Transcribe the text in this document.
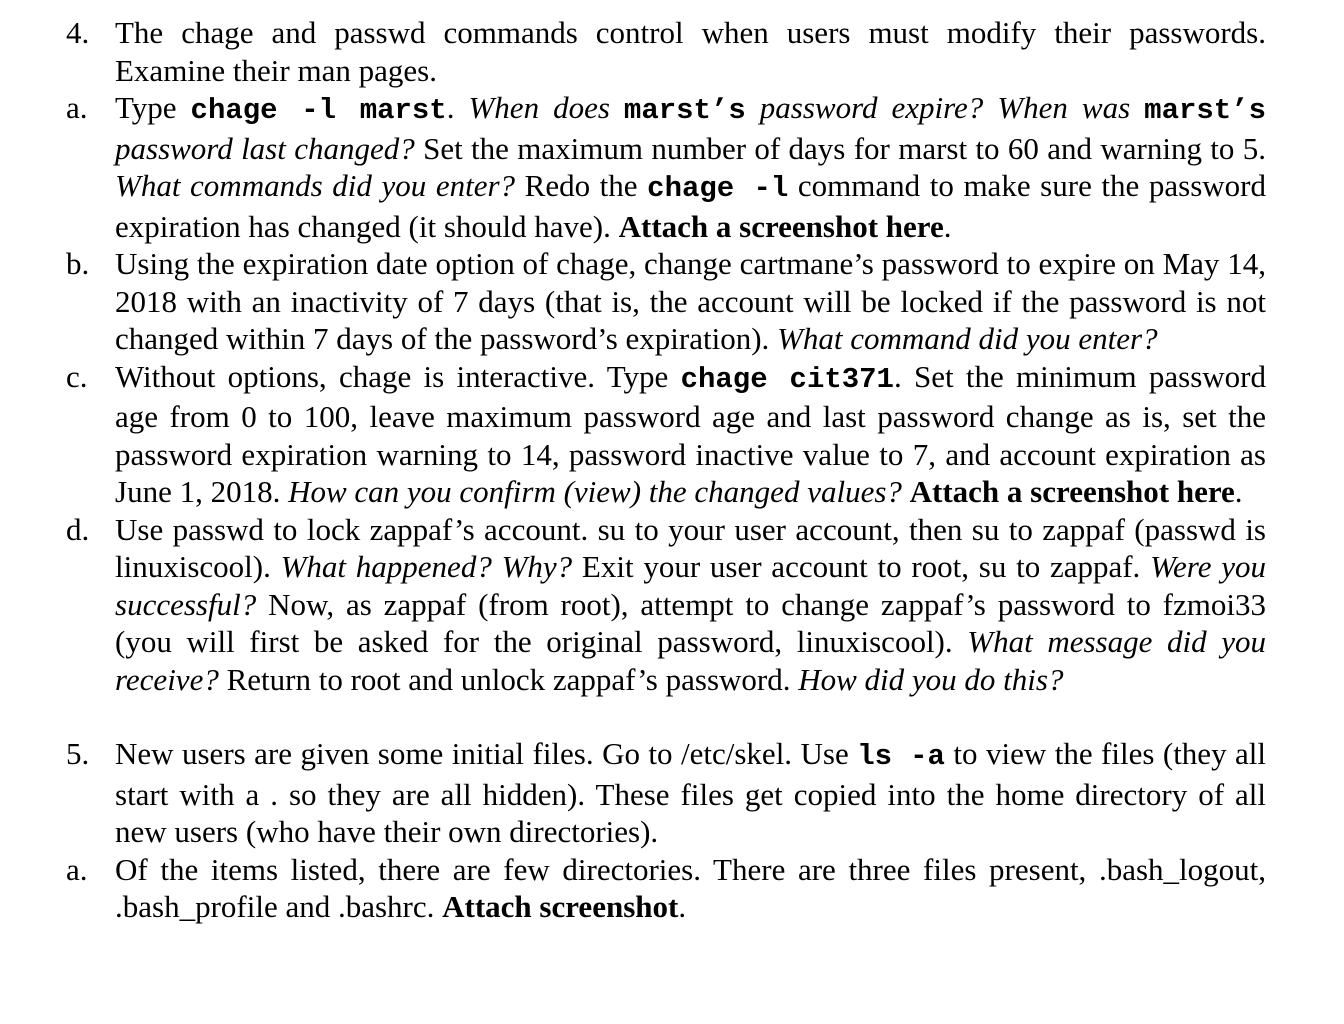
4. The chage and passwd commands control when users must modify their passwords. Examine their man pages.
a. Type chage -l marst. When does marst’s password expire? When was marst’s password last changed? Set the maximum number of days for marst to 60 and warning to 5. What commands did you enter? Redo the chage -l command to make sure the password expiration has changed (it should have). Attach a screenshot here.
b. Using the expiration date option of chage, change cartmane’s password to expire on May 14, 2018 with an inactivity of 7 days (that is, the account will be locked if the password is not changed within 7 days of the password’s expiration). What command did you enter?
c. Without options, chage is interactive. Type chage cit371. Set the minimum password age from 0 to 100, leave maximum password age and last password change as is, set the password expiration warning to 14, password inactive value to 7, and account expiration as June 1, 2018. How can you confirm (view) the changed values? Attach a screenshot here.
d. Use passwd to lock zappaf’s account. su to your user account, then su to zappaf (passwd is linuxiscool). What happened? Why? Exit your user account to root, su to zappaf. Were you successful? Now, as zappaf (from root), attempt to change zappaf’s password to fzmoi33 (you will first be asked for the original password, linuxiscool). What message did you receive? Return to root and unlock zappaf’s password. How did you do this?
5. New users are given some initial files. Go to /etc/skel. Use ls -a to view the files (they all start with a . so they are all hidden). These files get copied into the home directory of all new users (who have their own directories).
a. Of the items listed, there are few directories. There are three files present, .bash_logout, .bash_profile and .bashrc. Attach screenshot.
